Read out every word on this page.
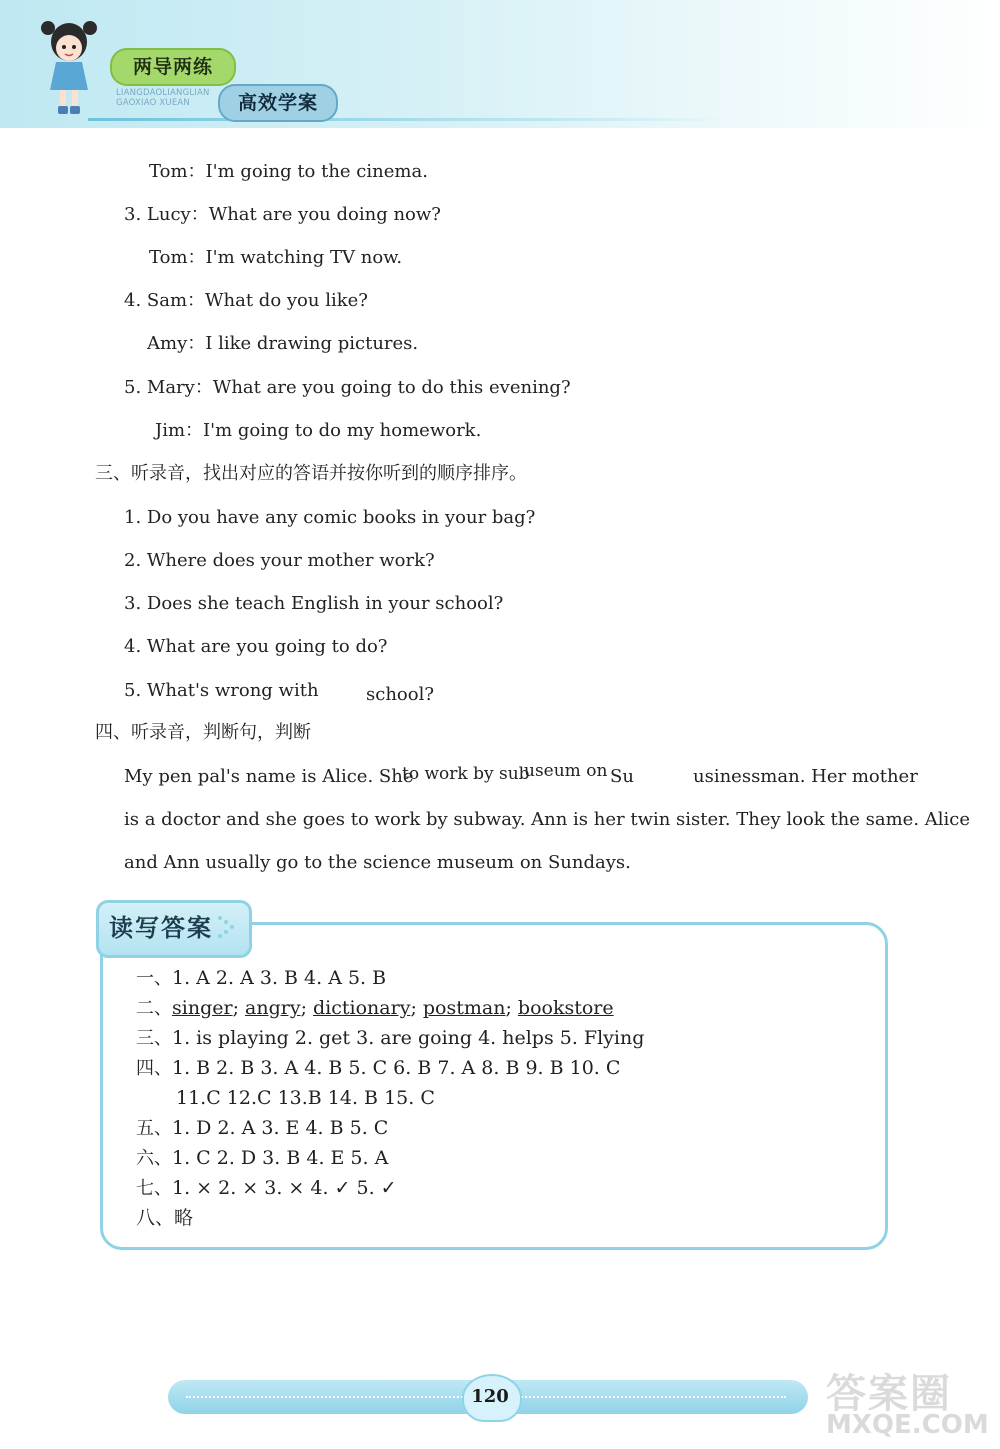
两导两练
LIANGDAOLIANGLIAN
GAOXIAO XUEAN	高效学案
Tom：I'm going to the cinema.
3. Lucy：What are you doing now?
Tom：I'm watching TV now.
4. Sam：What do you like?
Amy：I like drawing pictures.
5. Mary：What are you going to do this evening?
Jim：I'm going to do my homework.
三、听录音，找出对应的答语并按你听到的顺序排序。
1. Do you have any comic books in your bag?
2. Where does your mother work?
3. Does she teach English in your school?
4. What are you going to do?
5. What's wrong with	school?
四、听录音，判断句，判断
My pen pal's name is Alice. She
to work by sub
useum on Su	usinessman. Her mother
is a doctor and she goes to work by subway. Ann is her twin sister. They look the same. Alice
and Ann usually go to the science museum on Sundays.
读写答案
一、1. A 2. A 3. B 4. A 5. B
二、singer; angry; dictionary; postman; bookstore
三、1. is playing 2. get 3. are going 4. helps 5. Flying
四、1. B 2. B 3. A 4. B 5. C 6. B 7. A 8. B 9. B 10. C
11.C 12.C 13.B 14. B 15. C
五、1. D 2. A 3. E 4. B 5. C
六、1. C 2. D 3. B 4. E 5. A
七、1. × 2. × 3. × 4. ✓ 5. ✓
八、略
120	答案圈
MXQE.COM
